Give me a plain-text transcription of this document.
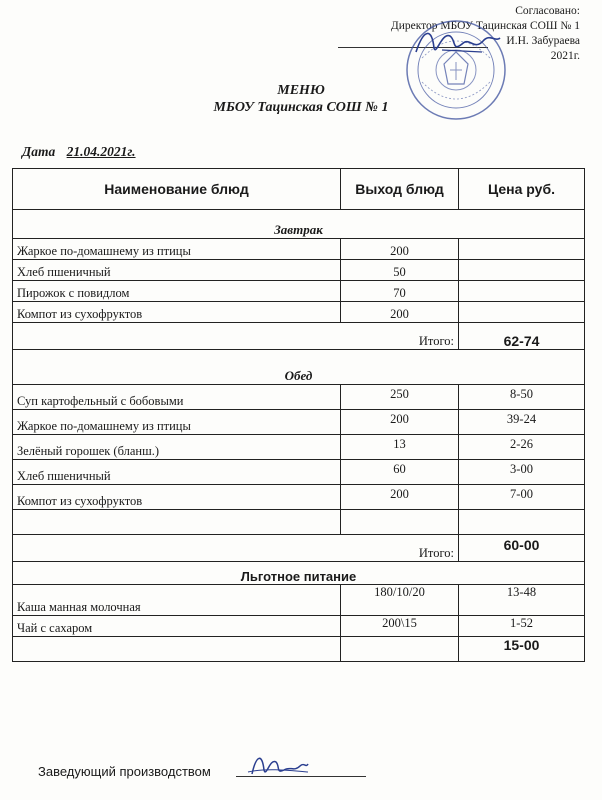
Согласовано:
Директор МБОУ Тацинская СОШ № 1
И.Н. Забураева
2021г.
МЕНЮ
МБОУ Тацинская СОШ № 1
Дата 21.04.2021г.
Наименование блюд	Выход блюд	Цена руб.
Завтрак		
Жаркое по-домашнему из птицы	200	
Хлеб пшеничный	50	
Пирожок с повидлом	70	
Компот из сухофруктов	200	
Итого:		62-74
Обед		
Суп картофельный с бобовыми	250	8-50
Жаркое по-домашнему из птицы	200	39-24
Зелёный горошек (бланш.)	13	2-26
Хлеб пшеничный	60	3-00
Компот из сухофруктов	200	7-00

Итого:		60-00
Льготное питание		
Каша манная молочная	180/10/20	13-48
Чай с сахаром	200\15	1-52
		15-00
Заведующий производством
